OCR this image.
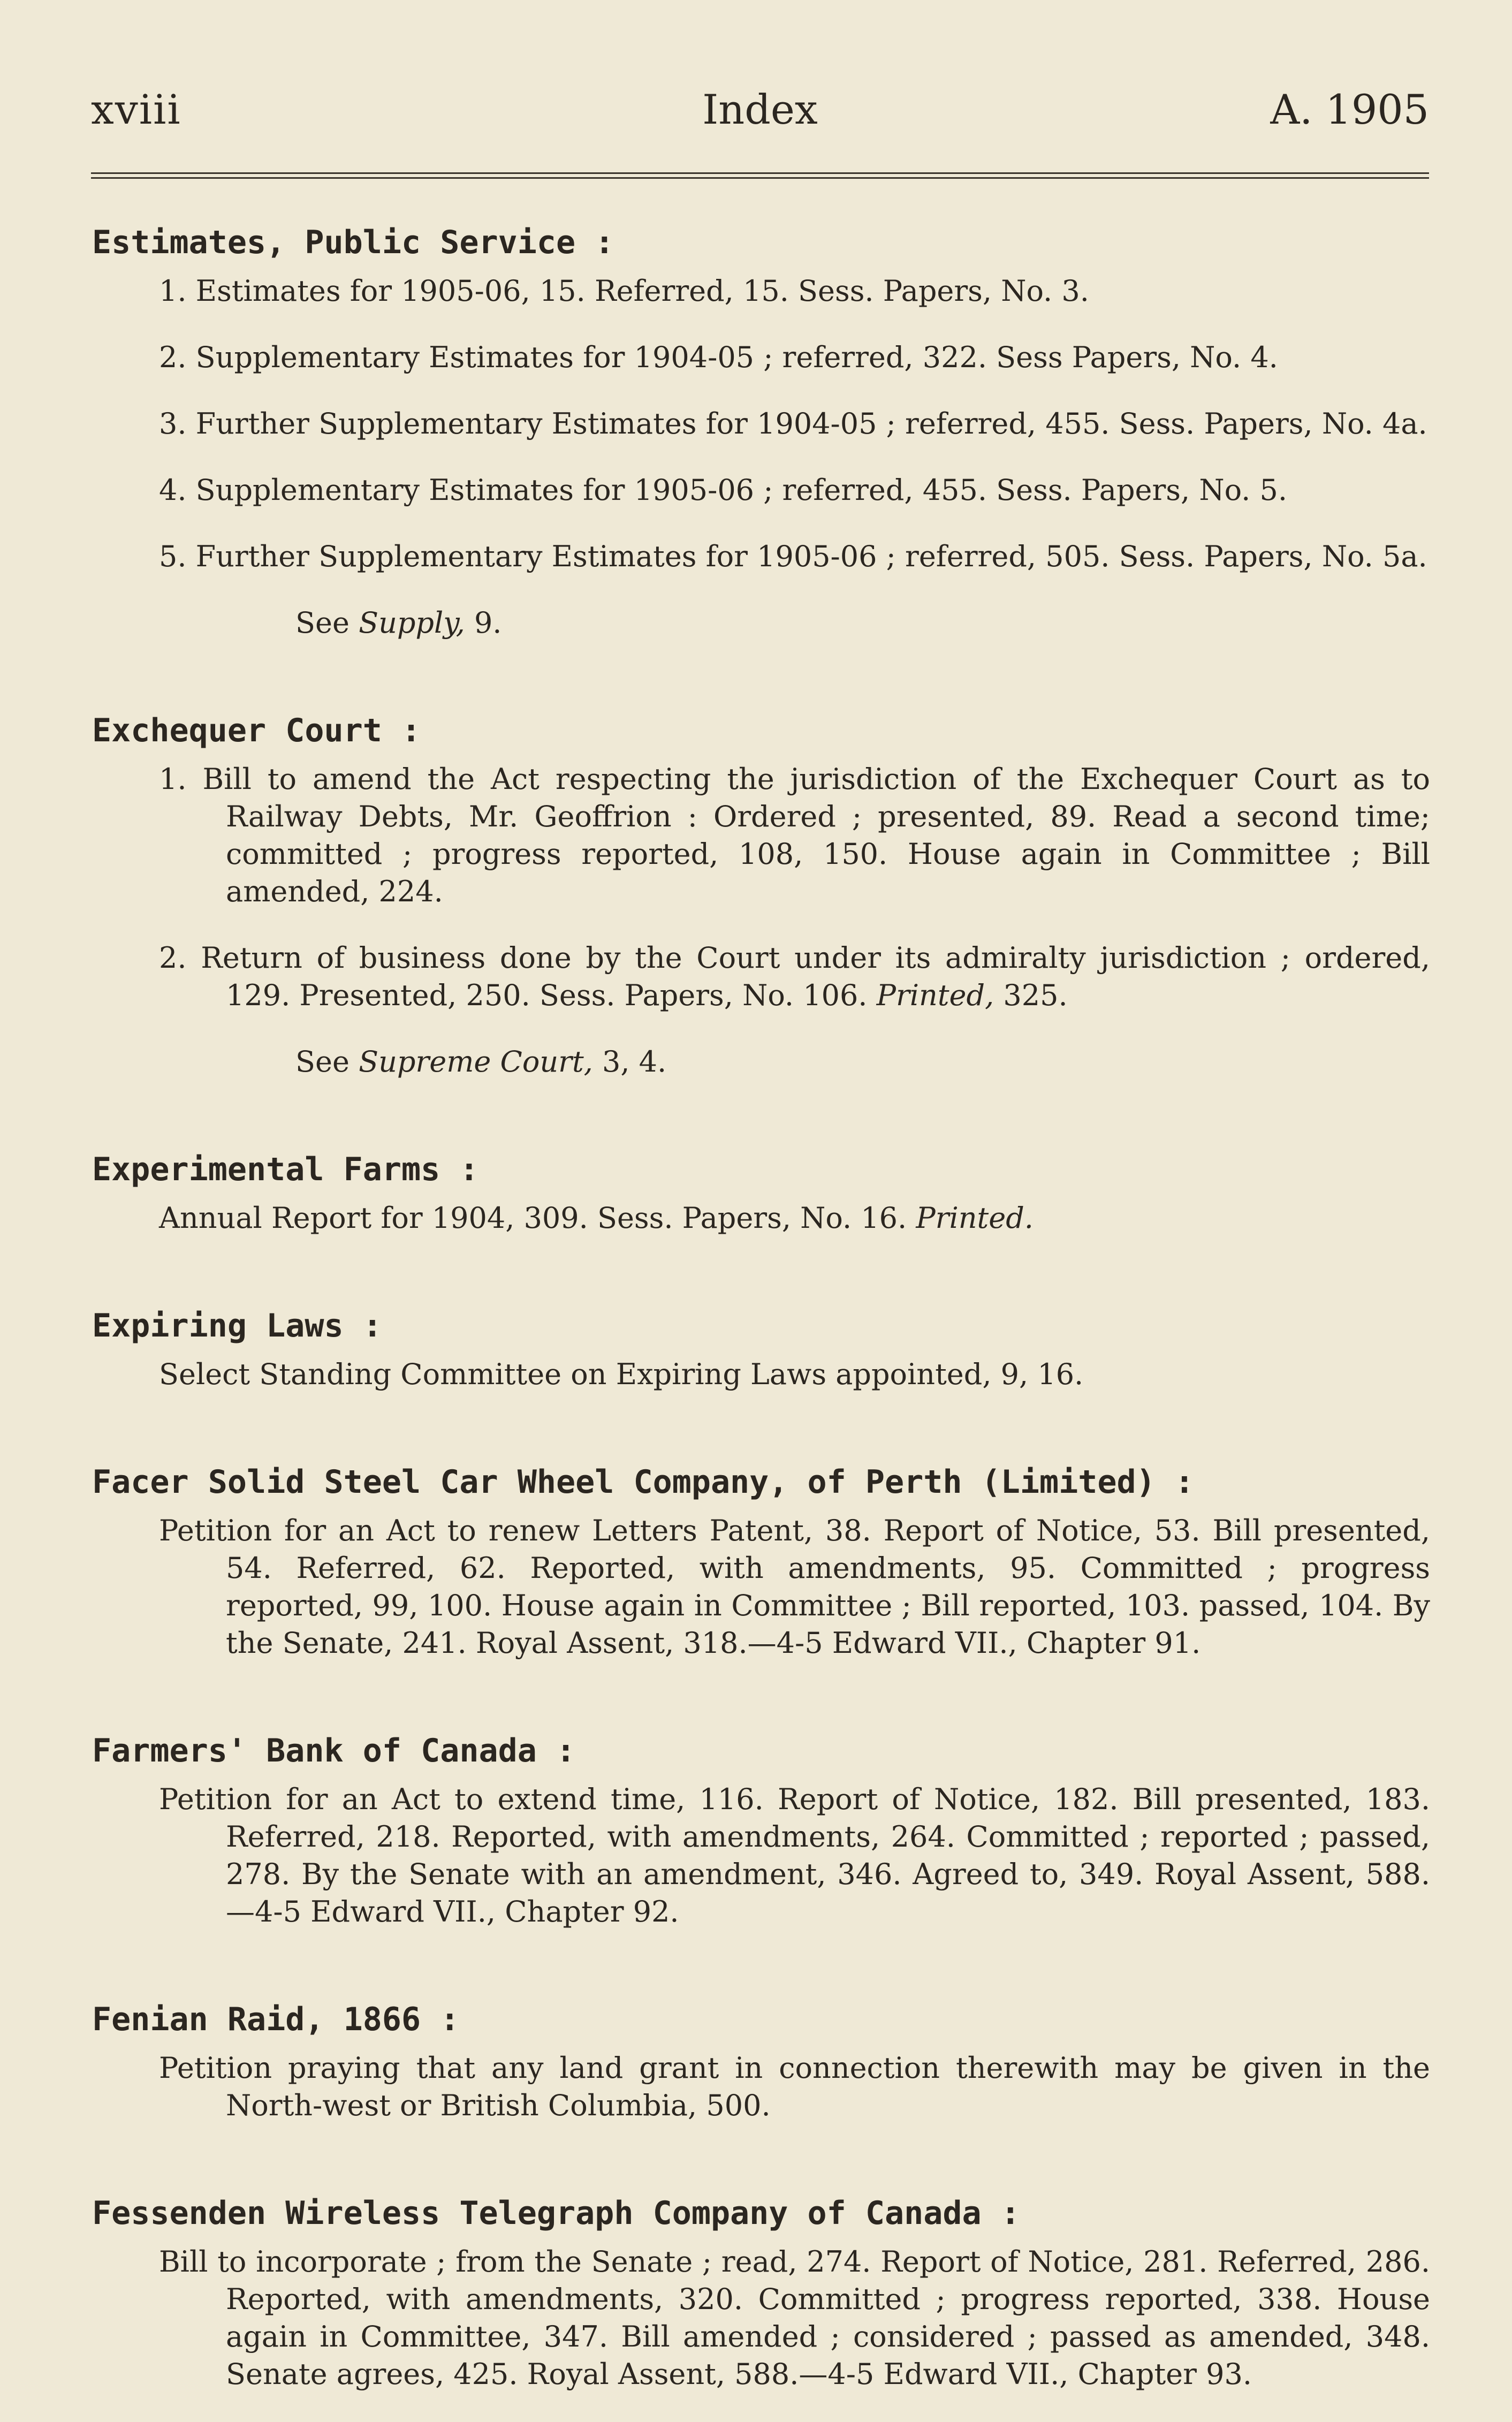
xviii	Index	A. 1905
Estimates, Public Service :

1. Estimates for 1905-06, 15. Referred, 15. Sess. Papers, No. 3.

2. Supplementary Estimates for 1904-05 ; referred, 322. Sess Papers, No. 4.

3. Further Supplementary Estimates for 1904-05 ; referred, 455. Sess. Papers, No. 4a.

4. Supplementary Estimates for 1905-06 ; referred, 455. Sess. Papers, No. 5.

5. Further Supplementary Estimates for 1905-06 ; referred, 505. Sess. Papers, No. 5a.

See Supply, 9.

Exchequer Court :

1. Bill to amend the Act respecting the jurisdiction of the Exchequer Court as to Railway Debts, Mr. Geoffrion : Ordered ; presented, 89. Read a second time; committed ; progress reported, 108, 150. House again in Committee ; Bill amended, 224.

2. Return of business done by the Court under its admiralty jurisdiction ; ordered, 129. Presented, 250. Sess. Papers, No. 106. Printed, 325.

See Supreme Court, 3, 4.

Experimental Farms :

Annual Report for 1904, 309. Sess. Papers, No. 16. Printed.

Expiring Laws :

Select Standing Committee on Expiring Laws appointed, 9, 16.

Facer Solid Steel Car Wheel Company, of Perth (Limited) :

Petition for an Act to renew Letters Patent, 38. Report of Notice, 53. Bill presented, 54. Referred, 62. Reported, with amendments, 95. Committed ; progress reported, 99, 100. House again in Committee ; Bill reported, 103. passed, 104. By the Senate, 241. Royal Assent, 318.—4-5 Edward VII., Chapter 91.

Farmers' Bank of Canada :

Petition for an Act to extend time, 116. Report of Notice, 182. Bill presented, 183. Referred, 218. Reported, with amendments, 264. Committed ; reported ; passed, 278. By the Senate with an amendment, 346. Agreed to, 349. Royal Assent, 588.—4-5 Edward VII., Chapter 92.

Fenian Raid, 1866 :

Petition praying that any land grant in connection therewith may be given in the North-west or British Columbia, 500.

Fessenden Wireless Telegraph Company of Canada :

Bill to incorporate ; from the Senate ; read, 274. Report of Notice, 281. Referred, 286. Reported, with amendments, 320. Committed ; progress reported, 338. House again in Committee, 347. Bill amended ; considered ; passed as amended, 348. Senate agrees, 425. Royal Assent, 588.—4-5 Edward VII., Chapter 93.
